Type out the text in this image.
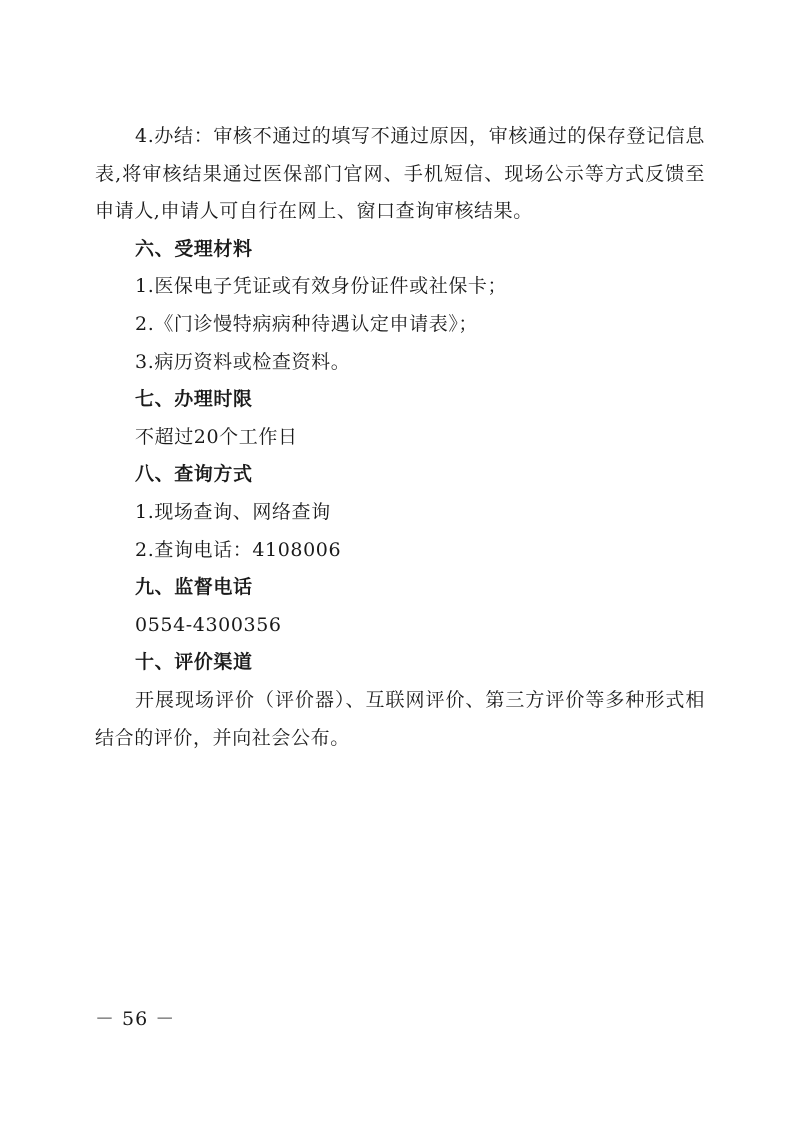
4.办结：审核不通过的填写不通过原因，审核通过的保存登记信息表,将审核结果通过医保部门官网、手机短信、现场公示等方式反馈至申请人,申请人可自行在网上、窗口查询审核结果。

六、受理材料

1.医保电子凭证或有效身份证件或社保卡；

2.《门诊慢特病病种待遇认定申请表》；

3.病历资料或检查资料。

七、办理时限

不超过20个工作日

八、查询方式

1.现场查询、网络查询

2.查询电话：4108006

九、监督电话

0554-4300356

十、评价渠道

开展现场评价（评价器）、互联网评价、第三方评价等多种形式相结合的评价，并向社会公布。

－ 56 －
